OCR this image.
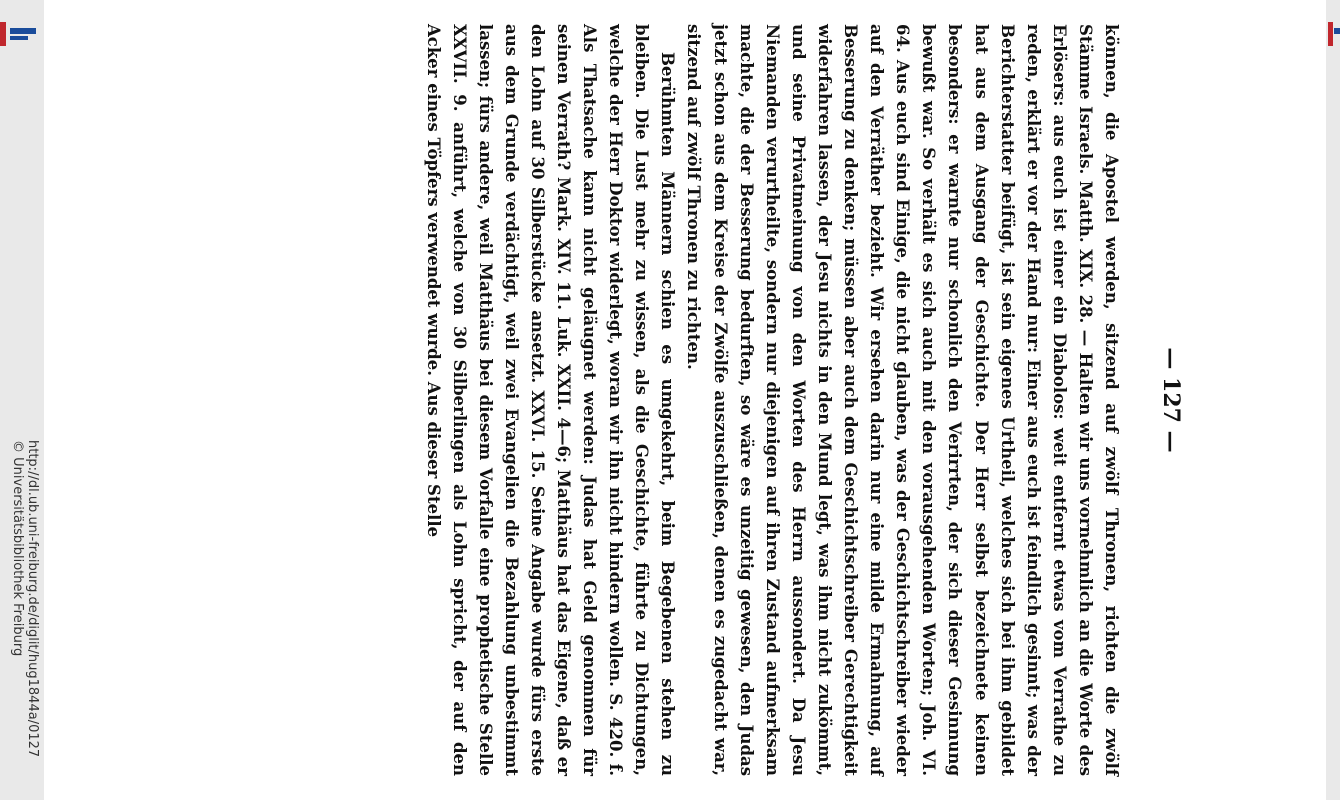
http://dl.ub.uni-freiburg.de/diglit/hug1844a/0127
© Universitätsbibliothek Freiburg
— 127 —

können, die Apostel werden, sitzend auf zwölf Thronen, richten die zwölf Stämme Israels. Matth. XIX. 28. — Halten wir uns vornehmlich an die Worte des Erlösers: aus euch ist einer ein Diabolos: weit entfernt etwas vom Verrathe zu reden, erklärt er vor der Hand nur: Einer aus euch ist feindlich gesinnt; was der Berichterstatter beifügt, ist sein eigenes Urtheil, welches sich bei ihm gebildet hat aus dem Ausgang der Geschichte. Der Herr selbst bezeichnete keinen besonders: er warnte nur schonlich den Verirrten, der sich dieser Gesinnung bewußt war. So verhält es sich auch mit den vorausgehenden Worten; Joh. VI. 64. Aus euch sind Einige, die nicht glauben, was der Geschichtschreiber wieder auf den Verräther bezieht. Wir ersehen darin nur eine milde Ermahnung, auf Besserung zu denken; müssen aber auch dem Geschichtschreiber Gerechtigkeit widerfahren lassen, der Jesu nichts in den Mund legt, was ihm nicht zukömmt, und seine Privatmeinung von den Worten des Herrn aussondert. Da Jesu Niemanden verurtheilte, sondern nur diejenigen auf ihren Zustand aufmerksam machte, die der Besserung bedurften, so wäre es unzeitig gewesen, den Judas jetzt schon aus dem Kreise der Zwölfe auszuschließen, denen es zugedacht war, sitzend auf zwölf Thronen zu richten.

Berühmten Männern schien es umgekehrt, beim Begebenen stehen zu bleiben. Die Lust mehr zu wissen, als die Geschichte, führte zu Dichtungen, welche der Herr Doktor widerlegt, woran wir ihn nicht hindern wollen. S. 420. f. Als Thatsache kann nicht geläugnet werden: Judas hat Geld genommen für seinen Verrath? Mark. XIV. 11. Luk. XXII. 4—6; Matthäus hat das Eigene, daß er den Lohn auf 30 Silberstücke ansetzt. XXVI. 15. Seine Angabe wurde fürs erste aus dem Grunde verdächtigt, weil zwei Evangelien die Bezahlung unbestimmt lassen; fürs andere, weil Matthäus bei diesem Vorfalle eine prophetische Stelle XXVII. 9. anführt, welche von 30 Silberlingen als Lohn spricht, der auf den Acker eines Töpfers verwendet wurde. Aus dieser Stelle
